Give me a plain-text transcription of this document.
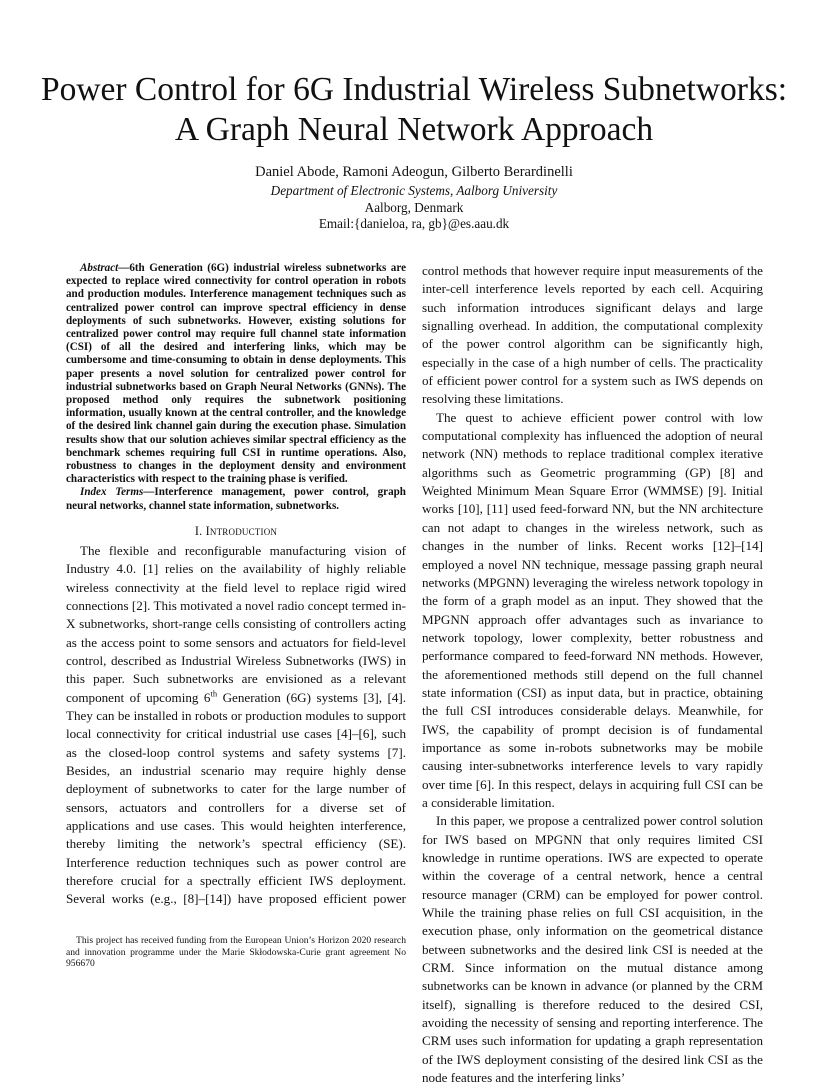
Power Control for 6G Industrial Wireless Subnetworks: A Graph Neural Network Approach
Daniel Abode, Ramoni Adeogun, Gilberto Berardinelli
Department of Electronic Systems, Aalborg University
Aalborg, Denmark
Email:{danieloa, ra, gb}@es.aau.dk

Abstract—6th Generation (6G) industrial wireless subnetworks are expected to replace wired connectivity for control operation in robots and production modules. Interference management techniques such as centralized power control can improve spectral efficiency in dense deployments of such subnetworks. However, existing solutions for centralized power control may require full channel state information (CSI) of all the desired and interfering links, which may be cumbersome and time-consuming to obtain in dense deployments. This paper presents a novel solution for centralized power control for industrial subnetworks based on Graph Neural Networks (GNNs). The proposed method only requires the subnetwork positioning information, usually known at the central controller, and the knowledge of the desired link channel gain during the execution phase. Simulation results show that our solution achieves similar spectral efficiency as the benchmark schemes requiring full CSI in runtime operations. Also, robustness to changes in the deployment density and environment characteristics with respect to the training phase is verified.

Index Terms—Interference management, power control, graph neural networks, channel state information, subnetworks.

I. Introduction

The flexible and reconfigurable manufacturing vision of Industry 4.0. [1] relies on the availability of highly reliable wireless connectivity at the field level to replace rigid wired connections [2]. This motivated a novel radio concept termed in-X subnetworks, short-range cells consisting of controllers acting as the access point to some sensors and actuators for field-level control, described as Industrial Wireless Subnetworks (IWS) in this paper. Such subnetworks are envisioned as a relevant component of upcoming 6th Generation (6G) systems [3], [4]. They can be installed in robots or production modules to support local connectivity for critical industrial use cases [4]–[6], such as the closed-loop control systems and safety systems [7]. Besides, an industrial scenario may require highly dense deployment of subnetworks to cater for the large number of sensors, actuators and controllers for a diverse set of applications and use cases. This would heighten interference, thereby limiting the network’s spectral efficiency (SE). Interference reduction techniques such as power control are therefore crucial for a spectrally efficient IWS deployment. Several works (e.g., [8]–[14]) have proposed efficient power

This project has received funding from the European Union’s Horizon 2020 research and innovation programme under the Marie Skłodowska-Curie grant agreement No 956670

control methods that however require input measurements of the inter-cell interference levels reported by each cell. Acquiring such information introduces significant delays and large signalling overhead. In addition, the computational complexity of the power control algorithm can be significantly high, especially in the case of a high number of cells. The practicality of efficient power control for a system such as IWS depends on resolving these limitations.

The quest to achieve efficient power control with low computational complexity has influenced the adoption of neural network (NN) methods to replace traditional complex iterative algorithms such as Geometric programming (GP) [8] and Weighted Minimum Mean Square Error (WMMSE) [9]. Initial works [10], [11] used feed-forward NN, but the NN architecture can not adapt to changes in the wireless network, such as changes in the number of links. Recent works [12]–[14] employed a novel NN technique, message passing graph neural networks (MPGNN) leveraging the wireless network topology in the form of a graph model as an input. They showed that the MPGNN approach offer advantages such as invariance to network topology, lower complexity, better robustness and performance compared to feed-forward NN methods. However, the aforementioned methods still depend on the full channel state information (CSI) as input data, but in practice, obtaining the full CSI introduces considerable delays. Meanwhile, for IWS, the capability of prompt decision is of fundamental importance as some in-robots subnetworks may be mobile causing inter-subnetworks interference levels to vary rapidly over time [6]. In this respect, delays in acquiring full CSI can be a considerable limitation.

In this paper, we propose a centralized power control solution for IWS based on MPGNN that only requires limited CSI knowledge in runtime operations. IWS are expected to operate within the coverage of a central network, hence a central resource manager (CRM) can be employed for power control. While the training phase relies on full CSI acquisition, in the execution phase, only information on the geometrical distance between subnetworks and the desired link CSI is needed at the CRM. Since information on the mutual distance among subnetworks can be known in advance (or planned by the CRM itself), signalling is therefore reduced to the desired CSI, avoiding the necessity of sensing and reporting interference. The CRM uses such information for updating a graph representation of the IWS deployment consisting of the desired link CSI as the node features and the interfering links’
